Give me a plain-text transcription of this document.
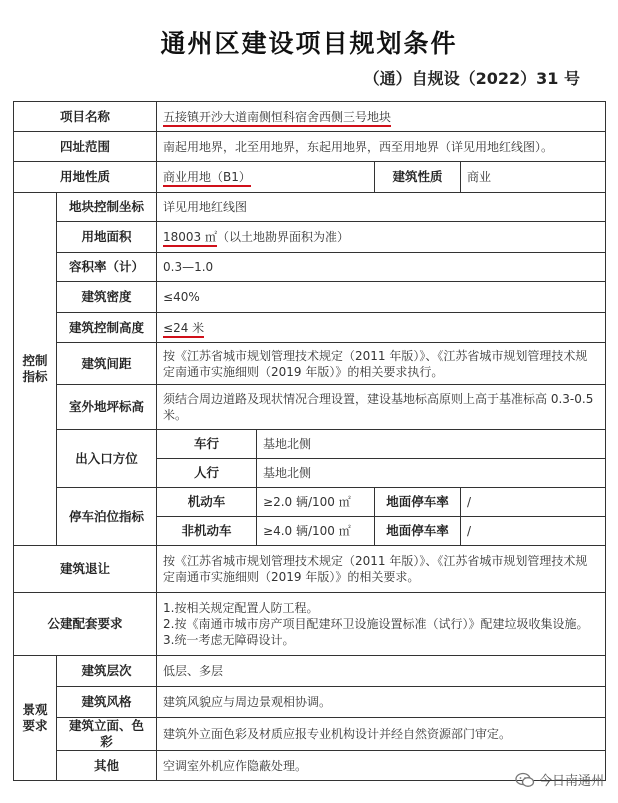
通州区建设项目规划条件
（通）自规设（2022）31 号
项目名称		五接镇开沙大道南侧恒科宿舍西侧三号地块			
四址范围		南起用地界，北至用地界，东起用地界，西至用地界（详见用地红线图）。			
用地性质		商业用地（B1）		建筑性质	商业
控制
指标	地块控制坐标	详见用地红线图			
	用地面积	18003 ㎡（以土地勘界面积为准）			
	容积率（计）	0.3—1.0			
	建筑密度	≤40%			
	建筑控制高度	≤24 米			
	建筑间距	按《江苏省城市规划管理技术规定（2011 年版）》、《江苏省城市规划管理技术规定南通市实施细则（2019 年版）》的相关要求执行。			
	室外地坪标高	须结合周边道路及现状情况合理设置，建设基地标高原则上高于基准标高 0.3-0.5 米。			
	出入口方位	车行	基地北侧		
		人行	基地北侧		
	停车泊位指标	机动车	≥2.0 辆/100 ㎡	地面停车率	/
		非机动车	≥4.0 辆/100 ㎡	地面停车率	/
建筑退让		按《江苏省城市规划管理技术规定（2011 年版）》、《江苏省城市规划管理技术规定南通市实施细则（2019 年版）》的相关要求。			
公建配套要求		1.按相关规定配置人防工程。
2.按《南通市城市房产项目配建环卫设施设置标准（试行）》配建垃圾收集设施。
3.统一考虑无障碍设计。			

景观
要求	建筑层次	低层、多层			
	建筑风格	建筑风貌应与周边景观相协调。			
	建筑立面、色彩	建筑外立面色彩及材质应报专业机构设计并经自然资源部门审定。			
	其他	空调室外机应作隐蔽处理。			
今日南通州
